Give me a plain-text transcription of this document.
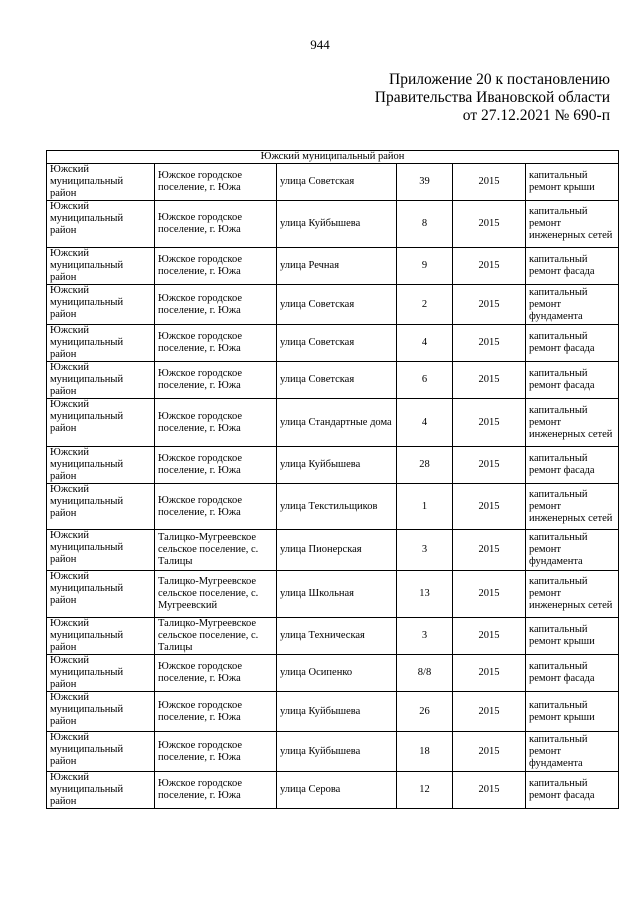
944
Приложение 20 к постановлению
Правительства Ивановской области
от 27.12.2021 № 690-п
Южский муниципальный район					
Южский муниципальный район	Южское городское поселение, г. Южа	улица Советская	39	2015	капитальный ремонт крыши
Южский муниципальный район	Южское городское поселение, г. Южа	улица Куйбышева	8	2015	капитальный ремонт инженерных сетей
Южский муниципальный район	Южское городское поселение, г. Южа	улица Речная	9	2015	капитальный ремонт фасада
Южский муниципальный район	Южское городское поселение, г. Южа	улица Советская	2	2015	капитальный ремонт фундамента
Южский муниципальный район	Южское городское поселение, г. Южа	улица Советская	4	2015	капитальный ремонт фасада
Южский муниципальный район	Южское городское поселение, г. Южа	улица Советская	6	2015	капитальный ремонт фасада
Южский муниципальный район	Южское городское поселение, г. Южа	улица Стандартные дома	4	2015	капитальный ремонт инженерных сетей
Южский муниципальный район	Южское городское поселение, г. Южа	улица Куйбышева	28	2015	капитальный ремонт фасада
Южский муниципальный район	Южское городское поселение, г. Южа	улица Текстильщиков	1	2015	капитальный ремонт инженерных сетей
Южский муниципальный район	Талицко-Мугреевское сельское поселение, с. Талицы	улица Пионерская	3	2015	капитальный ремонт фундамента
Южский муниципальный район	Талицко-Мугреевское сельское поселение, с. Мугреевский	улица Школьная	13	2015	капитальный ремонт инженерных сетей
Южский муниципальный район	Талицко-Мугреевское сельское поселение, с. Талицы	улица Техническая	3	2015	капитальный ремонт крыши
Южский муниципальный район	Южское городское поселение, г. Южа	улица Осипенко	8/8	2015	капитальный ремонт фасада
Южский муниципальный район	Южское городское поселение, г. Южа	улица Куйбышева	26	2015	капитальный ремонт крыши
Южский муниципальный район	Южское городское поселение, г. Южа	улица Куйбышева	18	2015	капитальный ремонт фундамента
Южский муниципальный район	Южское городское поселение, г. Южа	улица Серова	12	2015	капитальный ремонт фасада
